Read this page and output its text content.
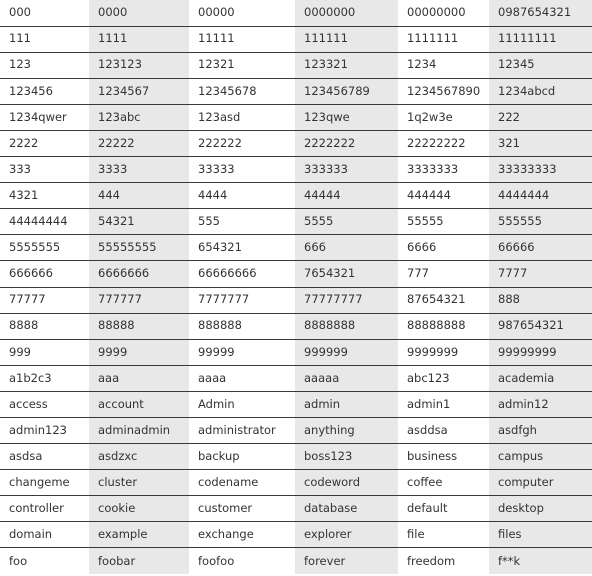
000	0000	00000	0000000	00000000	0987654321
111	1111	11111	111111	1111111	11111111
123	123123	12321	123321	1234	12345
123456	1234567	12345678	123456789	1234567890	1234abcd
1234qwer	123abc	123asd	123qwe	1q2w3e	222
2222	22222	222222	2222222	22222222	321
333	3333	33333	333333	3333333	33333333
4321	444	4444	44444	444444	4444444
44444444	54321	555	5555	55555	555555
5555555	55555555	654321	666	6666	66666
666666	6666666	66666666	7654321	777	7777
77777	777777	7777777	77777777	87654321	888
8888	88888	888888	8888888	88888888	987654321
999	9999	99999	999999	9999999	99999999
a1b2c3	aaa	aaaa	aaaaa	abc123	academia
access	account	Admin	admin	admin1	admin12
admin123	adminadmin	administrator	anything	asddsa	asdfgh
asdsa	asdzxc	backup	boss123	business	campus
changeme	cluster	codename	codeword	coffee	computer
controller	cookie	customer	database	default	desktop
domain	example	exchange	explorer	file	files
foo	foobar	foofoo	forever	freedom	f**k
